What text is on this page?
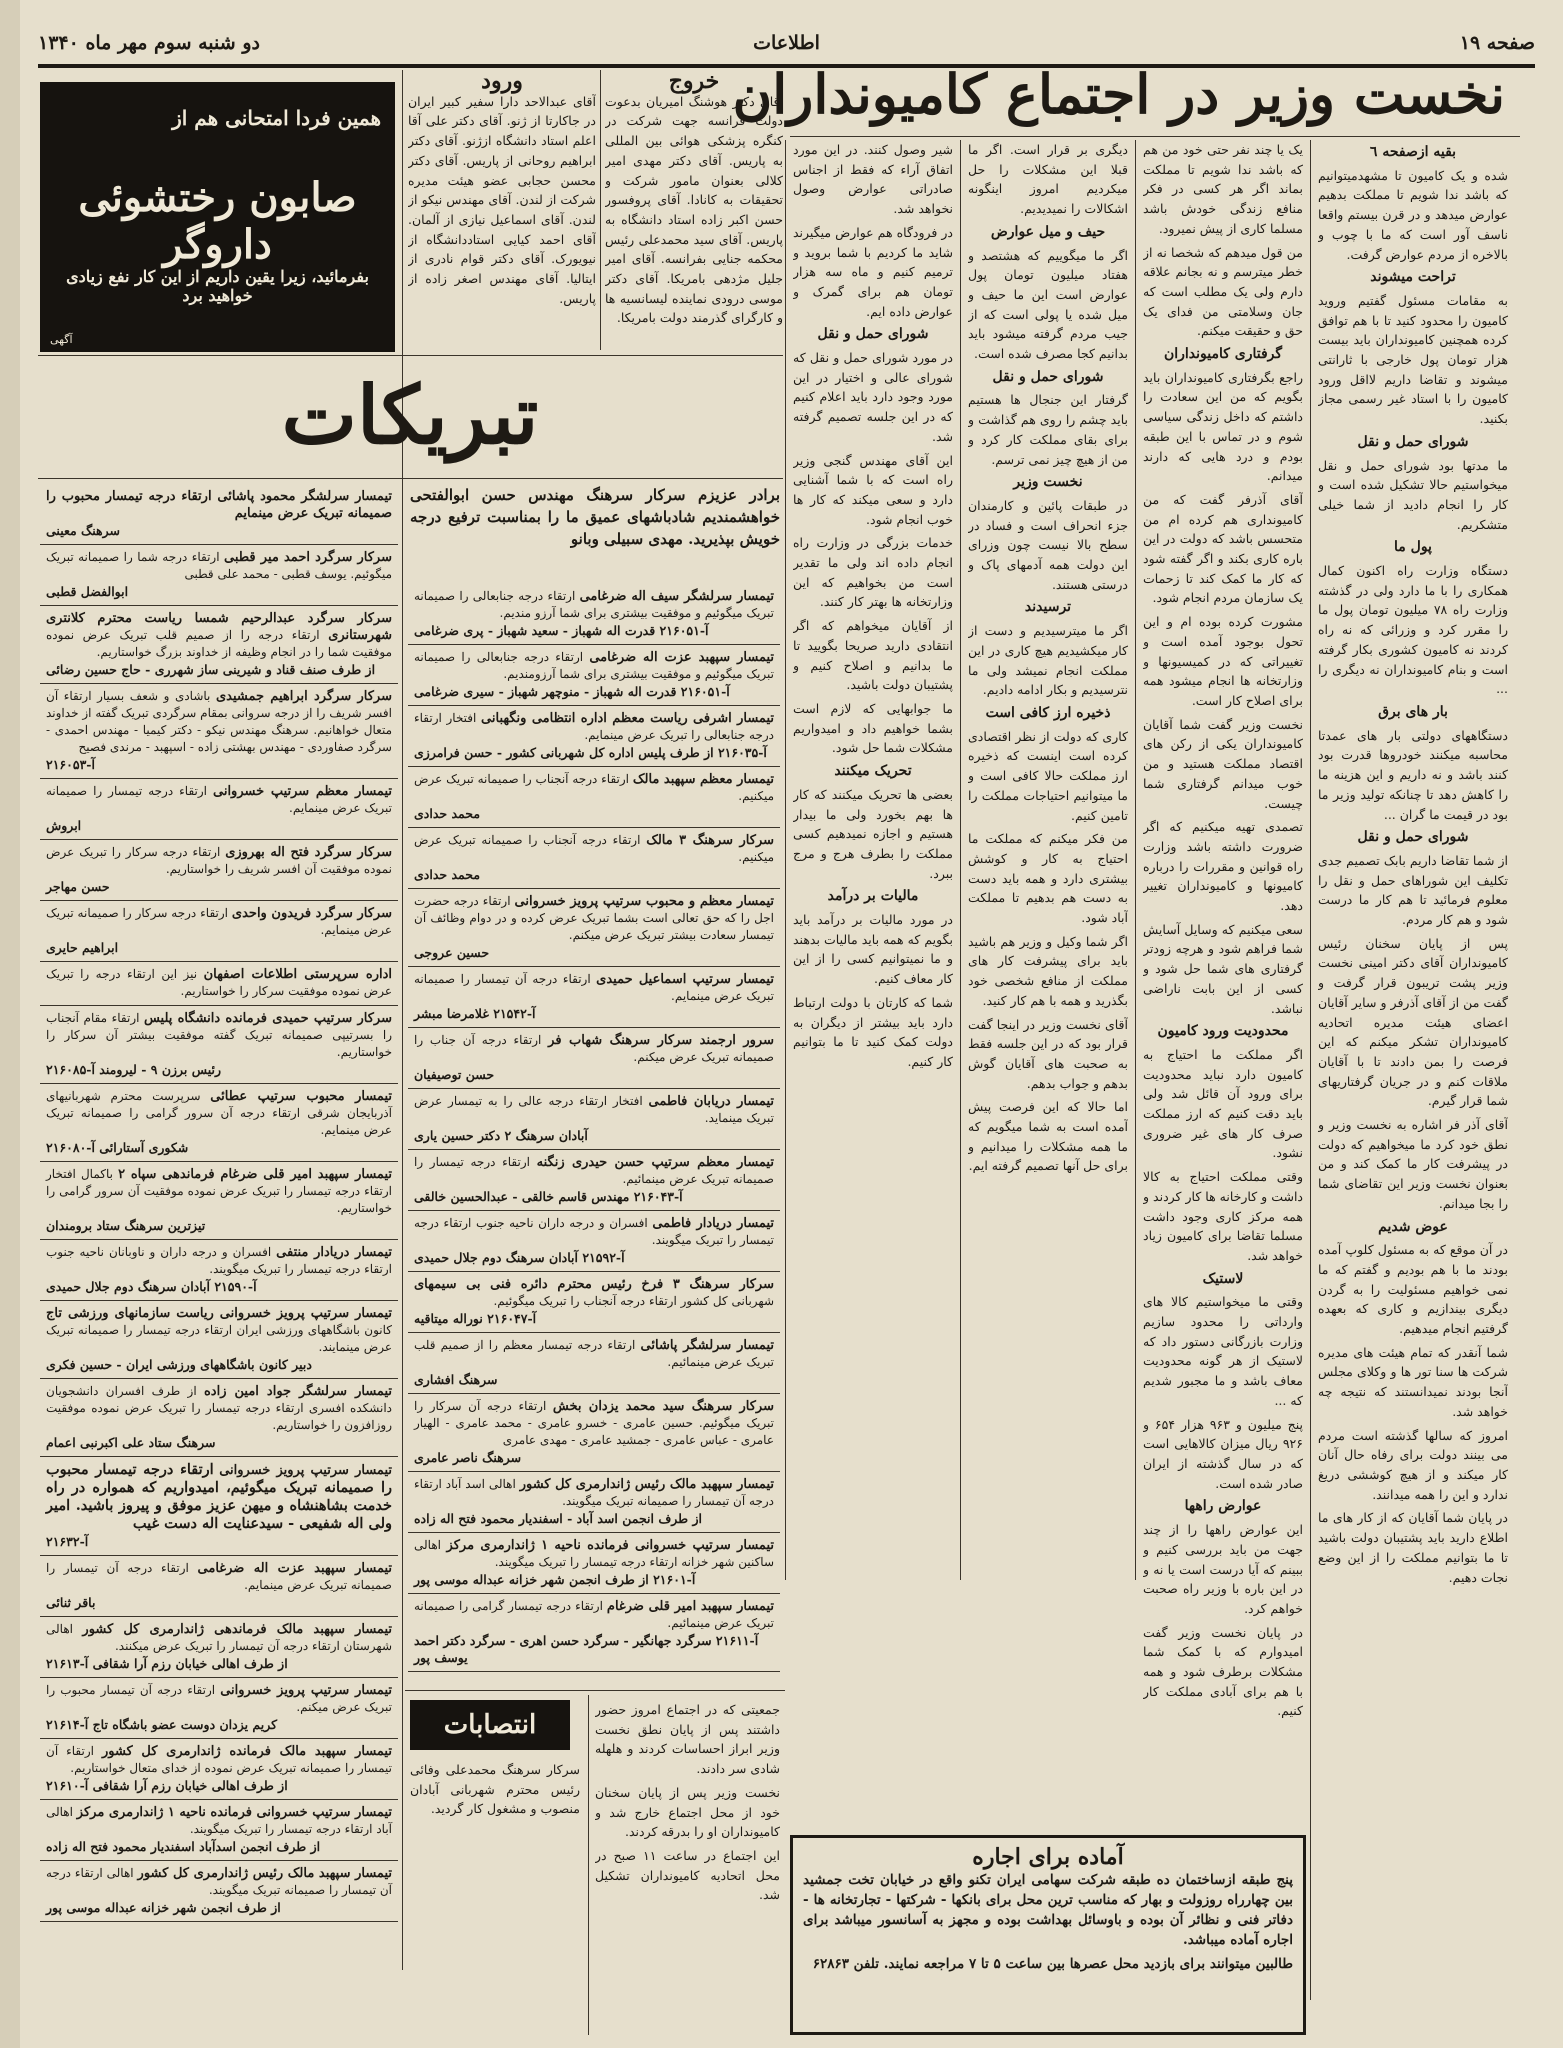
صفحه ۱۹
اطلاعات
دو شنبه سوم مهر ماه ۱۳۴۰
نخست وزیر در اجتماع کامیونداران
بقیه ازصفحه ٦

شده و یک کامیون تا مشهدمیتوانیم که باشد ندا شویم تا مملکت بدهیم عوارض میدهد و در قرن بیستم واقعا ناسف آور است که ما با چوب و بالاخره از مردم عوارض گرفت.

تراحت میشوند

به مقامات مسئول گفتیم وروید کامیون را محدود کنید تا با هم توافق کرده همچنین کامیونداران باید بیست هزار تومان پول خارجی با ثارانتی میشوند و تقاضا داریم لااقل ورود کامیون را با استاد غیر رسمی مجاز بکنید.

شورای حمل و نقل

ما مدتها بود شورای حمل و نقل میخواستیم حالا تشکیل شده است و کار را انجام دادید از شما خیلی متشکریم.

پول ما

دستگاه وزارت راه اکنون کمال همکاری را با ما دارد ولی در گذشته وزارت راه ۷۸ میلیون تومان پول ما را مقرر کرد و وزرائی که نه راه کردند نه کامیون کشوری بکار گرفته است و بنام کامیونداران نه دیگری را ...

بار های برق

دستگاههای دولتی بار های عمدتا محاسبه میکنند خودروها قدرت بود کنند باشد و نه داریم و این هزینه ما را کاهش دهد تا چنانکه تولید وزیر ما بود در قیمت ما گران ...

شورای حمل و نقل

از شما تقاضا داریم بابک تصمیم جدی تکلیف این شوراهای حمل و نقل را معلوم فرمائید تا هم کار ما درست شود و هم کار مردم.

پس از پایان سخنان رئیس کامیونداران آقای دکتر امینی نخست وزیر پشت تریبون قرار گرفت و گفت من از آقای آذرفر و سایر آقایان اعضای هیئت مدیره اتحادیه کامیونداران تشکر میکنم که این فرصت را بمن دادند تا با آقایان ملاقات کنم و در جریان گرفتاریهای شما قرار گیرم.

آقای آذر فر اشاره به نخست وزیر و نطق خود کرد ما میخواهیم که دولت در پیشرفت کار ما کمک کند و من بعنوان نخست وزیر این تقاضای شما را بجا میدانم.

عوض شدیم

در آن موقع که به مسئول کلوپ آمده بودند ما با هم بودیم و گفتم که ما نمی خواهیم مسئولیت را به گردن دیگری بیندازیم و کاری که بعهده گرفتیم انجام میدهیم.

شما آنقدر که تمام هیئت های مدیره شرکت ها سنا تور ها و وکلای مجلس آنجا بودند نمیدانستند که نتیجه چه خواهد شد.

امروز که سالها گذشته است مردم می بینند دولت برای رفاه حال آنان کار میکند و از هیچ کوششی دریغ ندارد و این را همه میدانند.

در پایان شما آقایان که از کار های ما اطلاع دارید باید پشتیبان دولت باشید تا ما بتوانیم مملکت را از این وضع نجات دهیم.

یک یا چند نفر حتی خود من هم که باشد ندا شویم تا مملکت بماند اگر هر کسی در فکر منافع زندگی خودش باشد مسلما کاری از پیش نمیرود.

من قول میدهم که شخصا نه از خطر میترسم و نه بجانم علاقه دارم ولی یک مطلب است که جان وسلامتی من فدای یک حق و حقیقت میکنم.

گرفتاری کامیونداران

راجع بگرفتاری کامیونداران باید بگویم که من این سعادت را داشتم که داخل زندگی سیاسی شوم و در تماس با این طبقه بودم و درد هایی که دارند میدانم.

آقای آذرفر گفت که من کامیونداری هم کرده ام من متحسس باشد که دولت در این باره کاری بکند و اگر گفته شود که کار ما کمک کند تا زحمات یک سازمان مردم انجام شود.

مشورت کرده بوده ام و این تحول بوجود آمده است و تغییراتی که در کمیسیونها و وزارتخانه ها انجام میشود همه برای اصلاح کار است.

نخست وزیر گفت شما آقایان کامیونداران یکی از رکن های اقتصاد مملکت هستید و من خوب میدانم گرفتاری شما چیست.

تصمدی تهیه میکنیم که اگر ضرورت داشته باشد وزارت راه قوانین و مقررات را درباره کامیونها و کامیونداران تغییر دهد.

سعی میکنیم که وسایل آسایش شما فراهم شود و هرچه زودتر گرفتاری های شما حل شود و کسی از این بابت ناراضی نباشد.

محدودیت ورود کامیون

اگر مملکت ما احتیاج به کامیون دارد نباید محدودیت برای ورود آن قائل شد ولی باید دقت کنیم که ارز مملکت صرف کار های غیر ضروری نشود.

وقتی مملکت احتیاج به کالا داشت و کارخانه ها کار کردند و همه مرکز کاری وجود داشت مسلما تقاضا برای کامیون زیاد خواهد شد.

لاستیک

وقتی ما میخواستیم کالا های وارداتی را محدود سازیم وزارت بازرگانی دستور داد که لاستیک از هر گونه محدودیت معاف باشد و ما مجبور شدیم که ...

پنج میلیون و ۹۶۳ هزار ۶۵۴ و ۹۲۶ ریال میزان کالاهایی است که در سال گذشته از ایران صادر شده است.

عوارض راهها

این عوارض راهها را از چند جهت من باید بررسی کنیم و ببینم که آیا درست است یا نه و در این باره با وزیر راه صحبت خواهم کرد.

در پایان نخست وزیر گفت امیدوارم که با کمک شما مشکلات برطرف شود و همه با هم برای آبادی مملکت کار کنیم.

دیگری بر قرار است. اگر ما قبلا این مشکلات را حل میکردیم امروز اینگونه اشکالات را نمیدیدیم.

حیف و میل عوارض

اگر ما میگوییم که هشتصد و هفتاد میلیون تومان پول عوارض است این ما حیف و میل شده یا پولی است که از جیب مردم گرفته میشود باید بدانیم کجا مصرف شده است.

شورای حمل و نقل

گرفتار این جنجال ها هستیم باید چشم را روی هم گذاشت و برای بقای مملکت کار کرد و من از هیچ چیز نمی ترسم.

نخست وزیر

در طبقات پائین و کارمندان جزء انحراف است و فساد در سطح بالا نیست چون وزرای این دولت همه آدمهای پاک و درستی هستند.

ترسیدند

اگر ما میترسیدیم و دست از کار میکشیدیم هیچ کاری در این مملکت انجام نمیشد ولی ما نترسیدیم و بکار ادامه دادیم.

ذخیره ارز کافی است

کاری که دولت از نظر اقتصادی کرده است اینست که ذخیره ارز مملکت حالا کافی است و ما میتوانیم احتیاجات مملکت را تامین کنیم.

من فکر میکنم که مملکت ما احتیاج به کار و کوشش بیشتری دارد و همه باید دست به دست هم بدهیم تا مملکت آباد شود.

اگر شما وکیل و وزیر هم باشید باید برای پیشرفت کار های مملکت از منافع شخصی خود بگذرید و همه با هم کار کنید.

آقای نخست وزیر در اینجا گفت قرار بود که در این جلسه فقط به صحبت های آقایان گوش بدهم و جواب بدهم.

اما حالا که این فرصت پیش آمده است به شما میگویم که ما همه مشکلات را میدانیم و برای حل آنها تصمیم گرفته ایم.

شیر وصول کنند. در این مورد اتفاق آراء که فقط از اجناس صادراتی عوارض وصول نخواهد شد.

در فرودگاه هم عوارض میگیرند شاید ما کردیم با شما بروید و ترمیم کنیم و ماه سه هزار تومان هم برای گمرک و عوارض داده ایم.

شورای حمل و نقل

در مورد شورای حمل و نقل که شورای عالی و اختیار در این مورد وجود دارد باید اعلام کنیم که در این جلسه تصمیم گرفته شد.

این آقای مهندس گنجی وزیر راه است که با شما آشنایی دارد و سعی میکند که کار ها خوب انجام شود.

خدمات بزرگی در وزارت راه انجام داده اند ولی ما تقدیر است من بخواهیم که این وزارتخانه ها بهتر کار کنند.

از آقایان میخواهم که اگر انتقادی دارید صریحا بگویید تا ما بدانیم و اصلاح کنیم و پشتیبان دولت باشید.

ما جوابهایی که لازم است بشما خواهیم داد و امیدواریم مشکلات شما حل شود.

تحریک میکنند

بعضی ها تحریک میکنند که کار ها بهم بخورد ولی ما بیدار هستیم و اجازه نمیدهیم کسی مملکت را بطرف هرج و مرج ببرد.

مالیات بر درآمد

در مورد مالیات بر درآمد باید بگویم که همه باید مالیات بدهند و ما نمیتوانیم کسی را از این کار معاف کنیم.

شما که کارتان با دولت ارتباط دارد باید بیشتر از دیگران به دولت کمک کنید تا ما بتوانیم کار کنیم.

خروج

آقای دکتر هوشنگ امیریان بدعوت دولت فرانسه جهت شرکت در کنگره پزشکی هوائی بین المللی به پاریس. آقای دکتر مهدی امیر کلالی بعنوان مامور شرکت و تحقیقات به کانادا. آقای پروفسور حسن اکبر زاده استاد دانشگاه به پاریس. آقای سید محمدعلی رئیس محکمه جنایی بفرانسه. آقای امیر جلیل مژدهی بامریکا. آقای دکتر موسی درودی نماینده لیسانسیه ها و کارگرای گذرمند دولت بامریکا.

ورود

آقای عبدالاحد دارا سفیر کبیر ایران در جاکارتا از ژنو. آقای دکتر علی آقا اعلم استاد دانشگاه ازژنو. آقای دکتر ابراهیم روحانی از پاریس. آقای دکتر محسن حجابی عضو هیئت مدیره شرکت از لندن. آقای مهندس نیکو از لندن. آقای اسماعیل نیازی از آلمان. آقای احمد کیایی استاددانشگاه از نیویورک. آقای دکتر قوام نادری از ایتالیا. آقای مهندس اصغر زاده از پاریس.

همین فردا امتحانی هم از
صابون رختشوئی داروگر
بفرمائید، زیرا یقین داریم از این کار نفع زیادی خواهید برد
آگهی
تبریکات
برادر عزیزم سرکار سرهنگ مهندس حسن ابوالفتحی خواهشمندیم شادباشهای عمیق ما را بمناسبت ترفیع درجه خویش بپذیرید. مهدی سبیلی وبانو
تیمسار سرلشگر محمود پاشائی ارتقاء درجه تیمسار محبوب را صمیمانه تبریک عرض مینمایم
سرهنگ معینی
سرکار سرگرد احمد میر قطبی ارتقاء درجه شما را صمیمانه تبریک میگوئیم. یوسف قطبی - محمد علی قطبی
ابوالفضل قطبی
سرکار سرگرد عبدالرحیم شمسا ریاست محترم کلانتری شهرستانری ارتقاء درجه را از صمیم قلب تبریک عرض نموده موفقیت شما را در انجام وظیفه از خداوند بزرگ خواستاریم.
از طرف صنف قناد و شیرینی ساز شهرری - حاج حسین رضائی
سرکار سرگرد ابراهیم جمشیدی باشادی و شعف بسیار ارتقاء آن افسر شریف را از درجه سروانی بمقام سرگردی تبریک گفته از خداوند متعال خواهانیم. سرهنگ مهندس نیکو - دکتر کیمیا - مهندس احمدی - سرگرد صفاوردی - مهندس بهشتی زاده - اسپهبد - مرندی فصیح
آ-۲۱۶۰۵۳
تیمسار معظم سرتیپ خسروانی ارتقاء درجه تیمسار را صمیمانه تبریک عرض مینمایم.
ابروش
سرکار سرگرد فتح اله بهروزی ارتقاء درجه سرکار را تبریک عرض نموده موفقیت آن افسر شریف را خواستاریم.
حسن مهاجر
سرکار سرگرد فریدون واحدی ارتقاء درجه سرکار را صمیمانه تبریک عرض مینمایم.
ابراهیم حایری
اداره سرپرستی اطلاعات اصفهان نیز این ارتقاء درجه را تبریک عرض نموده موفقیت سرکار را خواستاریم.
سرکار سرتیپ حمیدی فرمانده دانشگاه پلیس ارتقاء مقام آنجناب را بسرتیپی صمیمانه تبریک گفته موفقیت بیشتر آن سرکار را خواستاریم.
رئیس برزن ۹ - لیرومند آ-۲۱۶۰۸۵
تیمسار محبوب سرتیپ عطائی سرپرست محترم شهربانیهای آذربایجان شرقی ارتقاء درجه آن سرور گرامی را صمیمانه تبریک عرض مینمایم.
شکوری آستارائی آ-۲۱۶۰۸۰
تیمسار سپهبد امیر قلی ضرغام فرماندهی سپاه ۲ باکمال افتخار ارتقاء درجه تیمسار را تبریک عرض نموده موفقیت آن سرور گرامی را خواستاریم.
تیزترین سرهنگ ستاد برومندان
تیمسار دریادار منتفی افسران و درجه داران و ناوبانان ناحیه جنوب ارتقاء درجه تیمسار را تبریک میگویند.
آ-۲۱۵۹۰ آبادان سرهنگ دوم جلال حمیدی
تیمسار سرتیپ پرویز خسروانی ریاست سازمانهای ورزشی تاج کانون باشگاههای ورزشی ایران ارتقاء درجه تیمسار را صمیمانه تبریک عرض مینمایند.
دبیر کانون باشگاههای ورزشی ایران - حسین فکری
تیمسار سرلشگر جواد امین زاده از طرف افسران دانشجویان دانشکده افسری ارتقاء درجه تیمسار را تبریک عرض نموده موفقیت روزافزون را خواستاریم.
سرهنگ ستاد علی اکبرنبی اعمام
تیمسار سرتیپ پرویز خسروانی ارتقاء درجه تیمسار محبوب را صمیمانه تبریک میگوئیم، امیدواریم که همواره در راه خدمت بشاهنشاه و میهن عزیز موفق و پیروز باشید. امیر ولی اله شفیعی - سیدعنایت اله دست غیب
آ-۲۱۶۳۲
تیمسار سپهبد عزت اله ضرغامی ارتقاء درجه آن تیمسار را صمیمانه تبریک عرض مینمایم.
باقر ثنائی
تیمسار سپهبد مالک فرماندهی ژاندارمری کل کشور اهالی شهرستان ارتقاء درجه آن تیمسار را تبریک عرض میکنند.
از طرف اهالی خیابان رزم آرا شقافی آ-۲۱۶۱۳
تیمسار سرتیپ پرویز خسروانی ارتقاء درجه آن تیمسار محبوب را تبریک عرض میکنم.
کریم یزدان دوست عضو باشگاه تاج آ-۲۱۶۱۴
تیمسار سپهبد مالک فرمانده ژاندارمری کل کشور ارتقاء آن تیمسار را صمیمانه تبریک عرض نموده از خدای متعال خواستاریم.
از طرف اهالی خیابان رزم آرا شقافی آ-۲۱۶۱۰
تیمسار سرتیپ خسروانی فرمانده ناحیه ۱ ژاندارمری مرکز اهالی آباد ارتقاء درجه تیمسار را تبریک میگویند.
از طرف انجمن اسدآباد اسفندیار محمود فتح اله زاده
تیمسار سپهبد مالک رئیس ژاندارمری کل کشور اهالی ارتقاء درجه آن تیمسار را صمیمانه تبریک میگویند.
از طرف انجمن شهر خزانه عبداله موسی پور
تیمسار سرلشگر سیف اله ضرغامی ارتقاء درجه جنابعالی را صمیمانه تبریک میگوئیم و موفقیت بیشتری برای شما آرزو مندیم.
آ-۲۱۶۰۵۱ قدرت اله شهباز - سعید شهباز - پری ضرغامی
تیمسار سپهبد عزت اله ضرغامی ارتقاء درجه جنابعالی را صمیمانه تبریک میگوئیم و موفقیت بیشتری برای شما آرزومندیم.
آ-۲۱۶۰۵۱ قدرت اله شهباز - منوچهر شهباز - سیری ضرغامی
تیمسار اشرفی ریاست معظم اداره انتظامی ونگهبانی افتخار ارتقاء درجه جنابعالی را تبریک عرض مینمایم.
آ-۲۱۶۰۳۵ از طرف پلیس اداره کل شهربانی کشور - حسن فرامرزی
تیمسار معظم سپهبد مالک ارتقاء درجه آنجناب را صمیمانه تبریک عرض میکنیم.
محمد حدادی
سرکار سرهنگ ۳ مالک ارتقاء درجه آنجناب را صمیمانه تبریک عرض میکنیم.
محمد حدادی
تیمسار معظم و محبوب سرتیپ پرویز خسروانی ارتقاء درجه حضرت اجل را که حق تعالی است بشما تبریک عرض کرده و در دوام وظائف آن تیمسار سعادت بیشتر تبریک عرض میکنم.
حسین عروجی
تیمسار سرتیپ اسماعیل حمیدی ارتقاء درجه آن تیمسار را صمیمانه تبریک عرض مینمایم.
آ-۲۱۵۴۲ غلامرضا مبشر
سرور ارجمند سرکار سرهنگ شهاب فر ارتقاء درجه آن جناب را صمیمانه تبریک عرض میکنم.
حسن توصیفیان
تیمسار دریابان فاطمی افتخار ارتقاء درجه عالی را به تیمسار عرض تبریک مینماید.
آبادان سرهنگ ۲ دکتر حسین یاری
تیمسار معظم سرتیپ حسن حیدری زنگنه ارتقاء درجه تیمسار را صمیمانه تبریک عرض مینمائیم.
آ-۲۱۶۰۴۳ مهندس قاسم خالقی - عبدالحسین خالقی
تیمسار دریادار فاطمی افسران و درجه داران ناحیه جنوب ارتقاء درجه تیمسار را تبریک میگویند.
آ-۲۱۵۹۲ آبادان سرهنگ دوم جلال حمیدی
سرکار سرهنگ ۳ فرخ رئیس محترم دائره فنی بی سیمهای شهربانی کل کشور ارتقاء درجه آنجناب را تبریک میگوئیم.
آ-۲۱۶۰۴۷ نوراله میتاقیه
تیمسار سرلشگر پاشائی ارتقاء درجه تیمسار معظم را از صمیم قلب تبریک عرض مینمائیم.
سرهنگ افشاری
سرکار سرهنگ سید محمد یزدان بخش ارتقاء درجه آن سرکار را تبریک میگوئیم. حسین عامری - خسرو عامری - محمد عامری - الهیار عامری - عباس عامری - جمشید عامری - مهدی عامری
سرهنگ ناصر عامری
تیمسار سپهبد مالک رئیس ژاندارمری کل کشور اهالی اسد آباد ارتقاء درجه آن تیمسار را صمیمانه تبریک میگویند.
از طرف انجمن اسد آباد - اسفندیار محمود فتح اله زاده
تیمسار سرتیپ خسروانی فرمانده ناحیه ۱ ژاندارمری مرکز اهالی ساکنین شهر خزانه ارتقاء درجه تیمسار را تبریک میگویند.
آ-۲۱۶۰۱ از طرف انجمن شهر خزانه عبداله موسی پور
تیمسار سپهبد امیر قلی ضرغام ارتقاء درجه تیمسار گرامی را صمیمانه تبریک عرض مینمائیم.
آ-۲۱۶۱۱ سرگرد جهانگیر - سرگرد حسن اهری - سرگرد دکتر احمد یوسف پور
انتصابات

سرکار سرهنگ محمدعلی وفائی رئیس محترم شهربانی آبادان منصوب و مشغول کار گردید.

جمعیتی که در اجتماع امروز حضور داشتند پس از پایان نطق نخست وزیر ابراز احساسات کردند و هلهله شادی سر دادند.

نخست وزیر پس از پایان سخنان خود از محل اجتماع خارج شد و کامیونداران او را بدرقه کردند.

این اجتماع در ساعت ۱۱ صبح در محل اتحادیه کامیونداران تشکیل شد.

آماده برای اجاره
پنج طبقه ازساختمان ده طبقه شرکت سهامی ایران تکنو واقع در خیابان تخت جمشید بین چهارراه روزولت و بهار که مناسب ترین محل برای بانکها - شرکتها - تجارتخانه ها - دفاتر فنی و نظائر آن بوده و باوسائل بهداشت بوده و مجهز به آسانسور میباشد برای اجاره آماده میباشد.
طالبین میتوانند برای بازدید محل عصرها بین ساعت ۵ تا ۷ مراجعه نمایند. تلفن ۶۲۸۶۳
